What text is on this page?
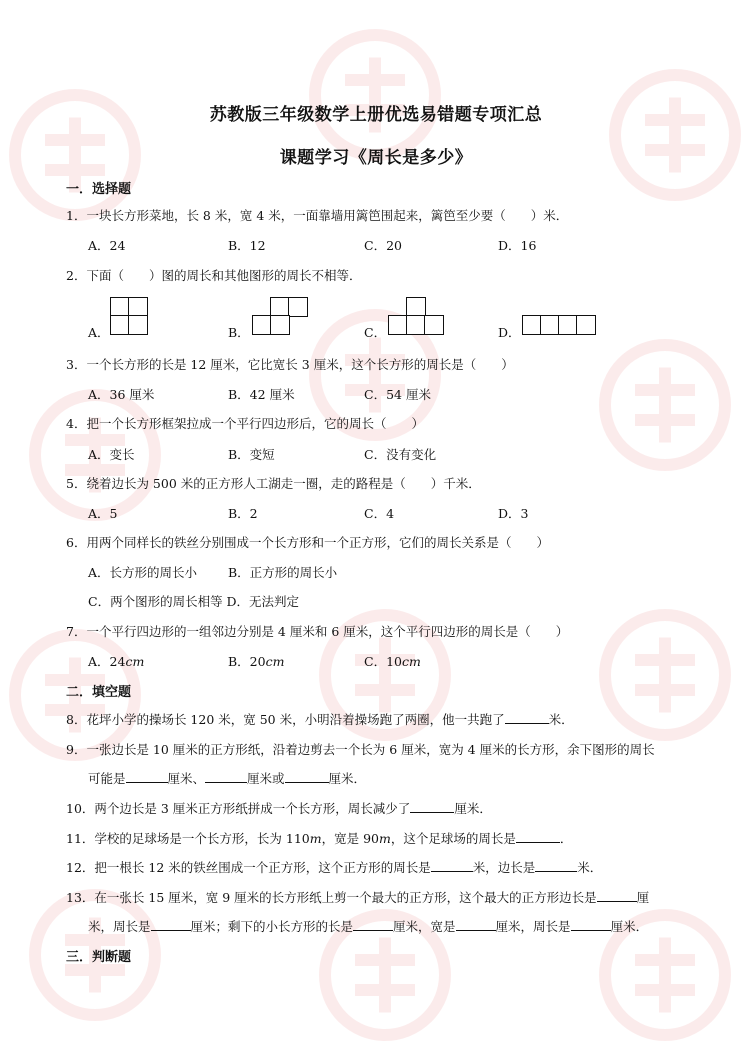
苏教版三年级数学上册优选易错题专项汇总
课题学习《周长是多少》
一．选择题
1．一块长方形菜地，长 8 米，宽 4 米，一面靠墙用篱笆围起来，篱笆至少要（　　）米．
A．24	B．12	C．20	D．16
2．下面（　　）图的周长和其他图形的周长不相等．
A．	B．	C．	D．
3．一个长方形的长是 12 厘米，它比宽长 3 厘米，这个长方形的周长是（　　）
A．36 厘米	B．42 厘米	C．54 厘米
4．把一个长方形框架拉成一个平行四边形后，它的周长（　　）
A．变长	B．变短	C．没有变化
5．绕着边长为 500 米的正方形人工湖走一圈，走的路程是（　　）千米．
A．5	B．2	C．4	D．3
6．用两个同样长的铁丝分别围成一个长方形和一个正方形，它们的周长关系是（　　）
A．长方形的周长小 B．正方形的周长小
C．两个图形的周长相等 D．无法判定
7．一个平行四边形的一组邻边分别是 4 厘米和 6 厘米，这个平行四边形的周长是（　　）
A．24cm	B．20cm	C．10cm
二．填空题
8．花坪小学的操场长 120 米，宽 50 米，小明沿着操场跑了两圈，他一共跑了	米．
9．一张边长是 10 厘米的正方形纸，沿着边剪去一个长为 6 厘米，宽为 4 厘米的长方形，余下图形的周长
可能是	厘米、	厘米或	厘米．
10．两个边长是 3 厘米正方形纸拼成一个长方形，周长减少了	厘米．
11．学校的足球场是一个长方形，长为 110m，宽是 90m，这个足球场的周长是	．
12．把一根长 12 米的铁丝围成一个正方形，这个正方形的周长是	米，边长是	米．
13．在一张长 15 厘米，宽 9 厘米的长方形纸上剪一个最大的正方形，这个最大的正方形边长是	厘
米，周长是	厘米；剩下的小长方形的长是	厘米，宽是	厘米，周长是	厘米．
三．判断题
